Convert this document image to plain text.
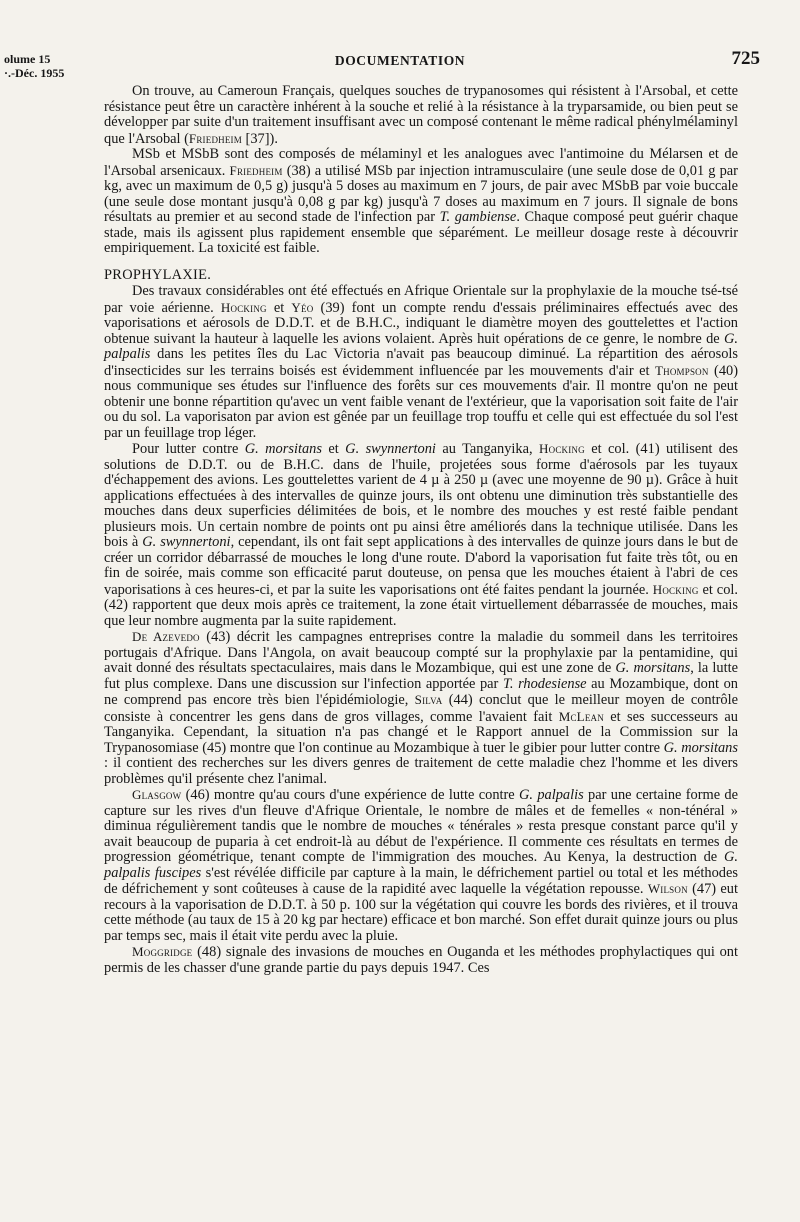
olume 15
·.-Déc. 1955
DOCUMENTATION	725

On trouve, au Cameroun Français, quelques souches de trypanosomes qui résistent à l'Arsobal, et cette résistance peut être un caractère inhérent à la souche et relié à la résistance à la tryparsamide, ou bien peut se développer par suite d'un traitement insuffisant avec un composé contenant le même radical phénylmélaminyl que l'Arsobal (Friedheim [37]).

MSb et MSbB sont des composés de mélaminyl et les analogues avec l'antimoine du Mélarsen et de l'Arsobal arsenicaux. Friedheim (38) a utilisé MSb par injection intramusculaire (une seule dose de 0,01 g par kg, avec un maximum de 0,5 g) jusqu'à 5 doses au maximum en 7 jours, de pair avec MSbB par voie buccale (une seule dose montant jusqu'à 0,08 g par kg) jusqu'à 7 doses au maximum en 7 jours. Il signale de bons résultats au premier et au second stade de l'infection par T. gambiense. Chaque composé peut guérir chaque stade, mais ils agissent plus rapidement ensemble que séparément. Le meilleur dosage reste à découvrir empiriquement. La toxicité est faible.

PROPHYLAXIE.

Des travaux considérables ont été effectués en Afrique Orientale sur la prophylaxie de la mouche tsé-tsé par voie aérienne. Hocking et Yéo (39) font un compte rendu d'essais préliminaires effectués avec des vaporisations et aérosols de D.D.T. et de B.H.C., indiquant le diamètre moyen des gouttelettes et l'action obtenue suivant la hauteur à laquelle les avions volaient. Après huit opérations de ce genre, le nombre de G. palpalis dans les petites îles du Lac Victoria n'avait pas beaucoup diminué. La répartition des aérosols d'insecticides sur les terrains boisés est évidemment influencée par les mouvements d'air et Thompson (40) nous communique ses études sur l'influence des forêts sur ces mouvements d'air. Il montre qu'on ne peut obtenir une bonne répartition qu'avec un vent faible venant de l'extérieur, que la vaporisation soit faite de l'air ou du sol. La vaporisaton par avion est gênée par un feuillage trop touffu et celle qui est effectuée du sol l'est par un feuillage trop léger.

Pour lutter contre G. morsitans et G. swynnertoni au Tanganyika, Hocking et col. (41) utilisent des solutions de D.D.T. ou de B.H.C. dans de l'huile, projetées sous forme d'aérosols par les tuyaux d'échappement des avions. Les gouttelettes varient de 4 µ à 250 µ (avec une moyenne de 90 µ). Grâce à huit applications effectuées à des intervalles de quinze jours, ils ont obtenu une diminution très substantielle des mouches dans deux superficies délimitées de bois, et le nombre des mouches y est resté faible pendant plusieurs mois. Un certain nombre de points ont pu ainsi être améliorés dans la technique utilisée. Dans les bois à G. swynnertoni, cependant, ils ont fait sept applications à des intervalles de quinze jours dans le but de créer un corridor débarrassé de mouches le long d'une route. D'abord la vaporisation fut faite très tôt, ou en fin de soirée, mais comme son efficacité parut douteuse, on pensa que les mouches étaient à l'abri de ces vaporisations à ces heures-ci, et par la suite les vaporisations ont été faites pendant la journée. Hocking et col. (42) rapportent que deux mois après ce traitement, la zone était virtuellement débarrassée de mouches, mais que leur nombre augmenta par la suite rapidement.

De Azevedo (43) décrit les campagnes entreprises contre la maladie du sommeil dans les territoires portugais d'Afrique. Dans l'Angola, on avait beaucoup compté sur la prophylaxie par la pentamidine, qui avait donné des résultats spectaculaires, mais dans le Mozambique, qui est une zone de G. morsitans, la lutte fut plus complexe. Dans une discussion sur l'infection apportée par T. rhodesiense au Mozambique, dont on ne comprend pas encore très bien l'épidémiologie, Silva (44) conclut que le meilleur moyen de contrôle consiste à concentrer les gens dans de gros villages, comme l'avaient fait McLean et ses successeurs au Tanganyika. Cependant, la situation n'a pas changé et le Rapport annuel de la Commission sur la Trypanosomiase (45) montre que l'on continue au Mozambique à tuer le gibier pour lutter contre G. morsitans : il contient des recherches sur les divers genres de traitement de cette maladie chez l'homme et les divers problèmes qu'il présente chez l'animal.

Glasgow (46) montre qu'au cours d'une expérience de lutte contre G. palpalis par une certaine forme de capture sur les rives d'un fleuve d'Afrique Orientale, le nombre de mâles et de femelles « non-ténéral » diminua régulièrement tandis que le nombre de mouches « ténérales » resta presque constant parce qu'il y avait beaucoup de puparia à cet endroit-là au début de l'expérience. Il commente ces résultats en termes de progression géométrique, tenant compte de l'immigration des mouches. Au Kenya, la destruction de G. palpalis fuscipes s'est révélée difficile par capture à la main, le défrichement partiel ou total et les méthodes de défrichement y sont coûteuses à cause de la rapidité avec laquelle la végétation repousse. Wilson (47) eut recours à la vaporisation de D.D.T. à 50 p. 100 sur la végétation qui couvre les bords des rivières, et il trouva cette méthode (au taux de 15 à 20 kg par hectare) efficace et bon marché. Son effet durait quinze jours ou plus par temps sec, mais il était vite perdu avec la pluie.

Moggridge (48) signale des invasions de mouches en Ouganda et les méthodes prophylactiques qui ont permis de les chasser d'une grande partie du pays depuis 1947. Ces
